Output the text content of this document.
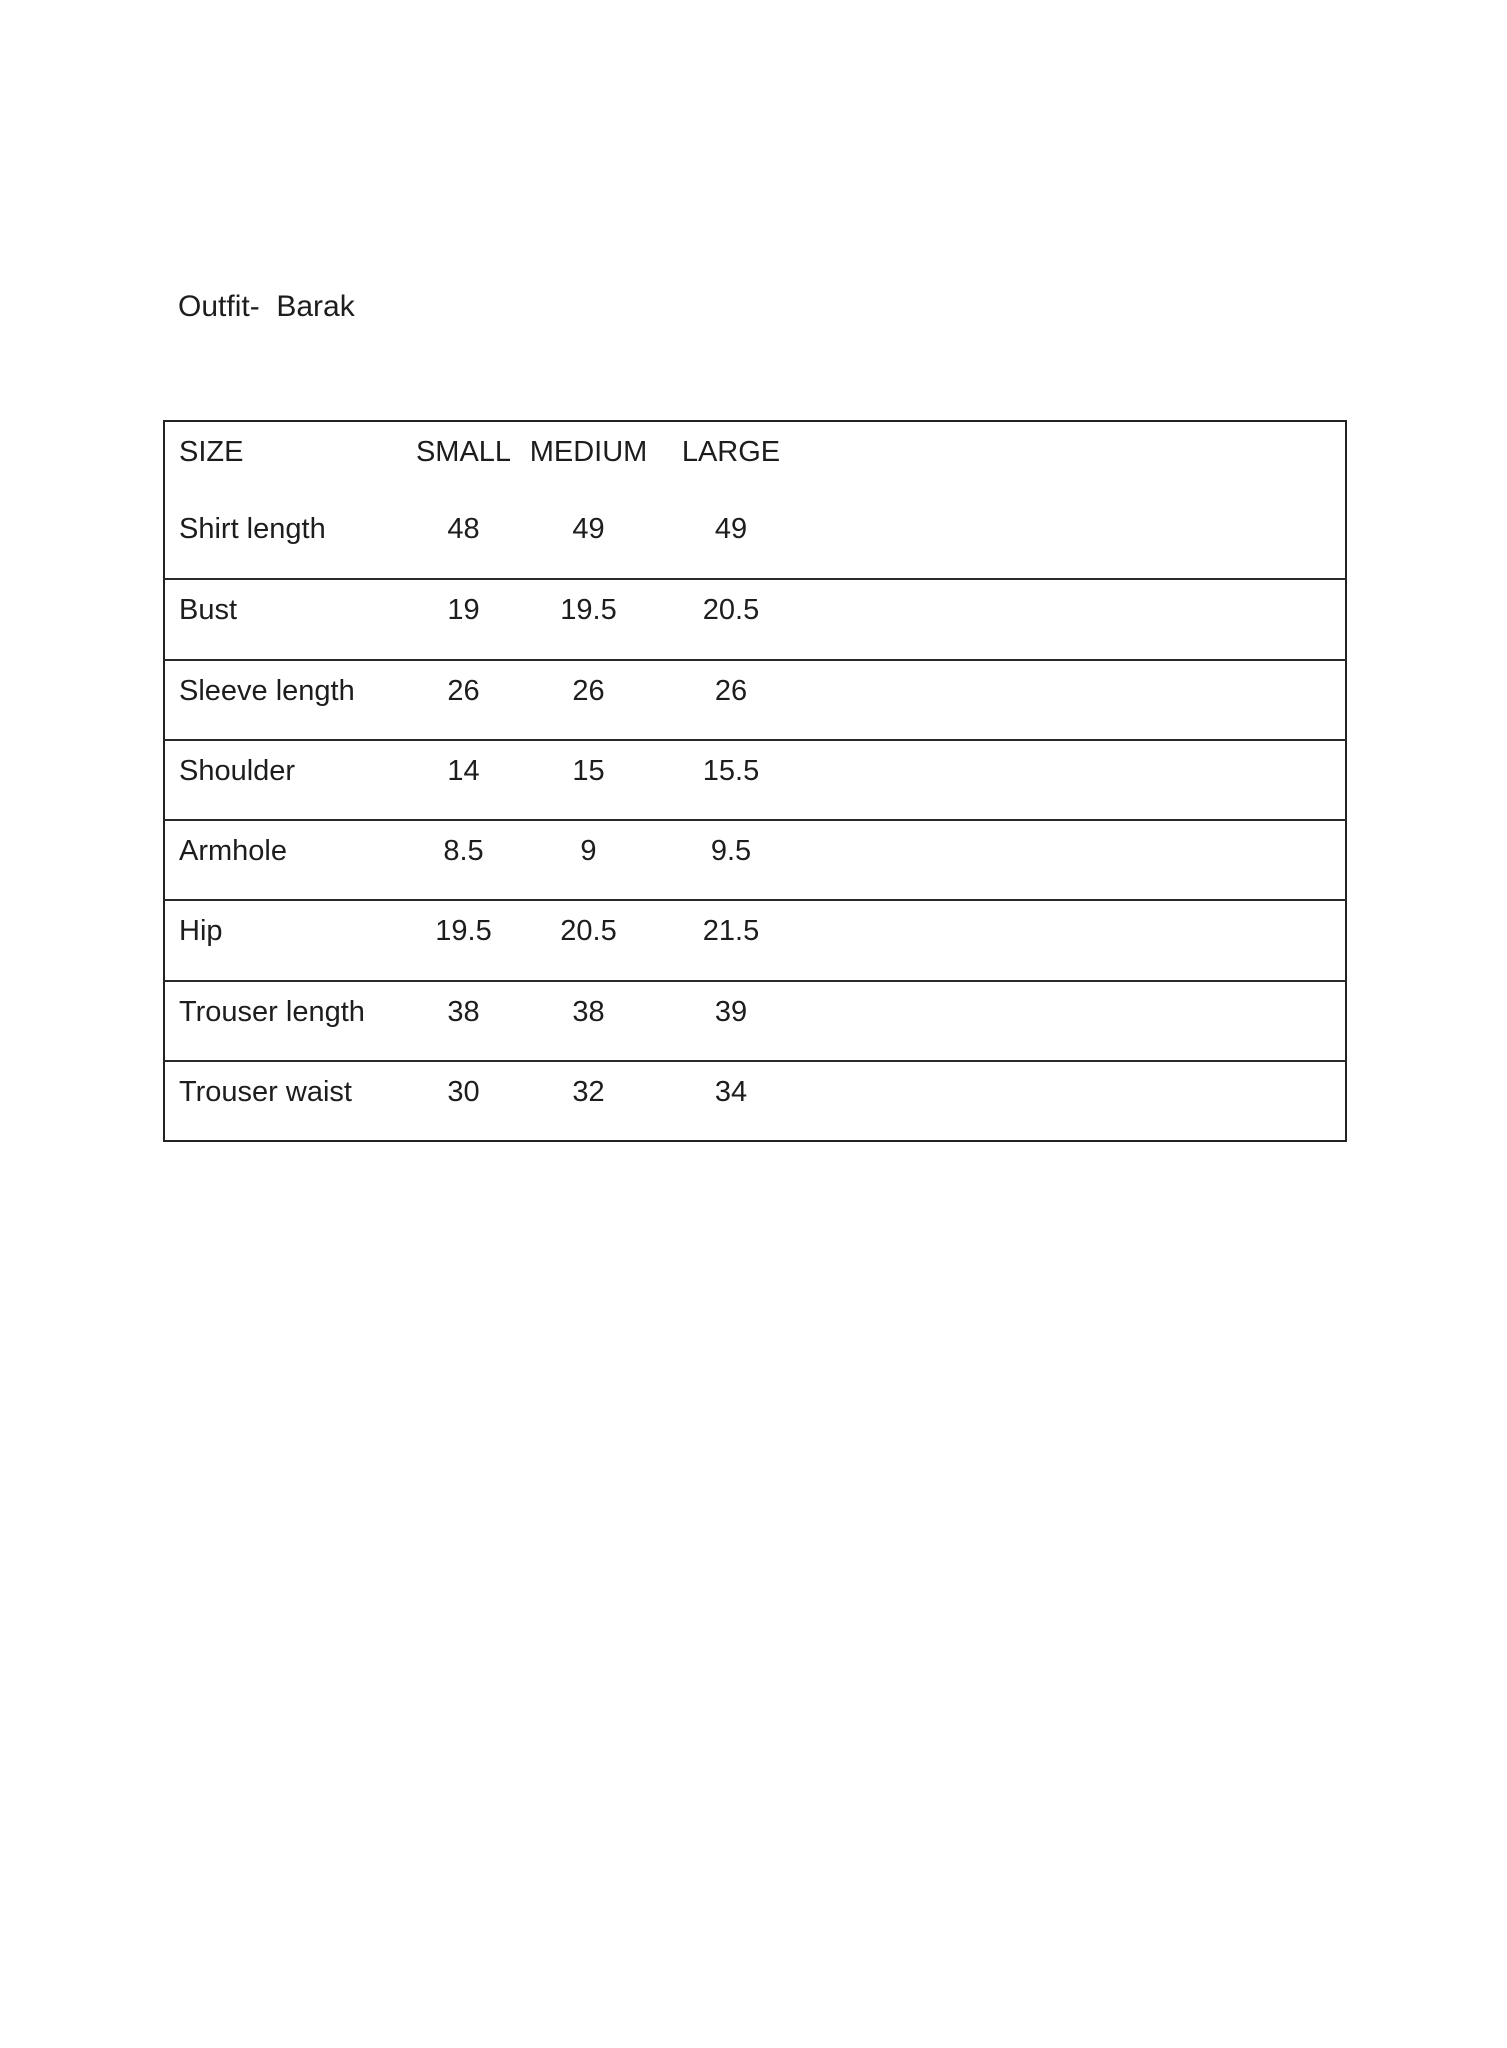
Outfit-  Barak
SIZE	SMALL	MEDIUM	LARGE	
Shirt length	48	49	49	
Bust	19	19.5	20.5	
Sleeve length	26	26	26	
Shoulder	14	15	15.5	
Armhole	8.5	9	9.5	
Hip	19.5	20.5	21.5	
Trouser length	38	38	39	
Trouser waist	30	32	34	
